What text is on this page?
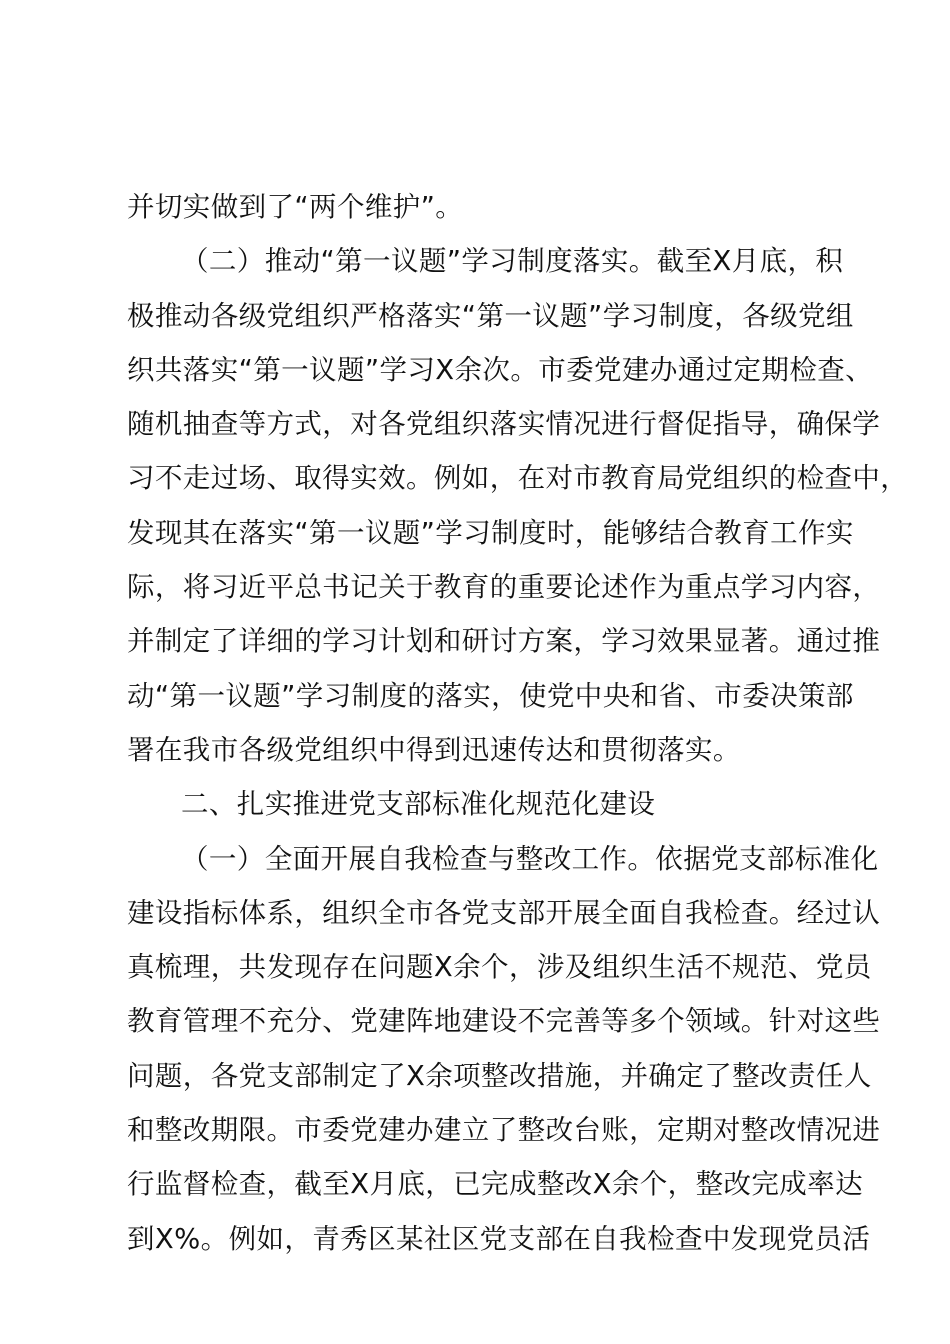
并切实做到了“两个维护”。
（二）推动“第一议题”学习制度落实。截至X月底，积
极推动各级党组织严格落实“第一议题”学习制度，各级党组
织共落实“第一议题”学习X余次。市委党建办通过定期检查、
随机抽查等方式，对各党组织落实情况进行督促指导，确保学
习不走过场、取得实效。例如，在对市教育局党组织的检查中，
发现其在落实“第一议题”学习制度时，能够结合教育工作实
际，将习近平总书记关于教育的重要论述作为重点学习内容，
并制定了详细的学习计划和研讨方案，学习效果显著。通过推
动“第一议题”学习制度的落实，使党中央和省、市委决策部
署在我市各级党组织中得到迅速传达和贯彻落实。
二、扎实推进党支部标准化规范化建设
（一）全面开展自我检查与整改工作。依据党支部标准化
建设指标体系，组织全市各党支部开展全面自我检查。经过认
真梳理，共发现存在问题X余个，涉及组织生活不规范、党员
教育管理不充分、党建阵地建设不完善等多个领域。针对这些
问题，各党支部制定了X余项整改措施，并确定了整改责任人
和整改期限。市委党建办建立了整改台账，定期对整改情况进
行监督检查，截至X月底，已完成整改X余个，整改完成率达
到X%。例如，青秀区某社区党支部在自我检查中发现党员活
